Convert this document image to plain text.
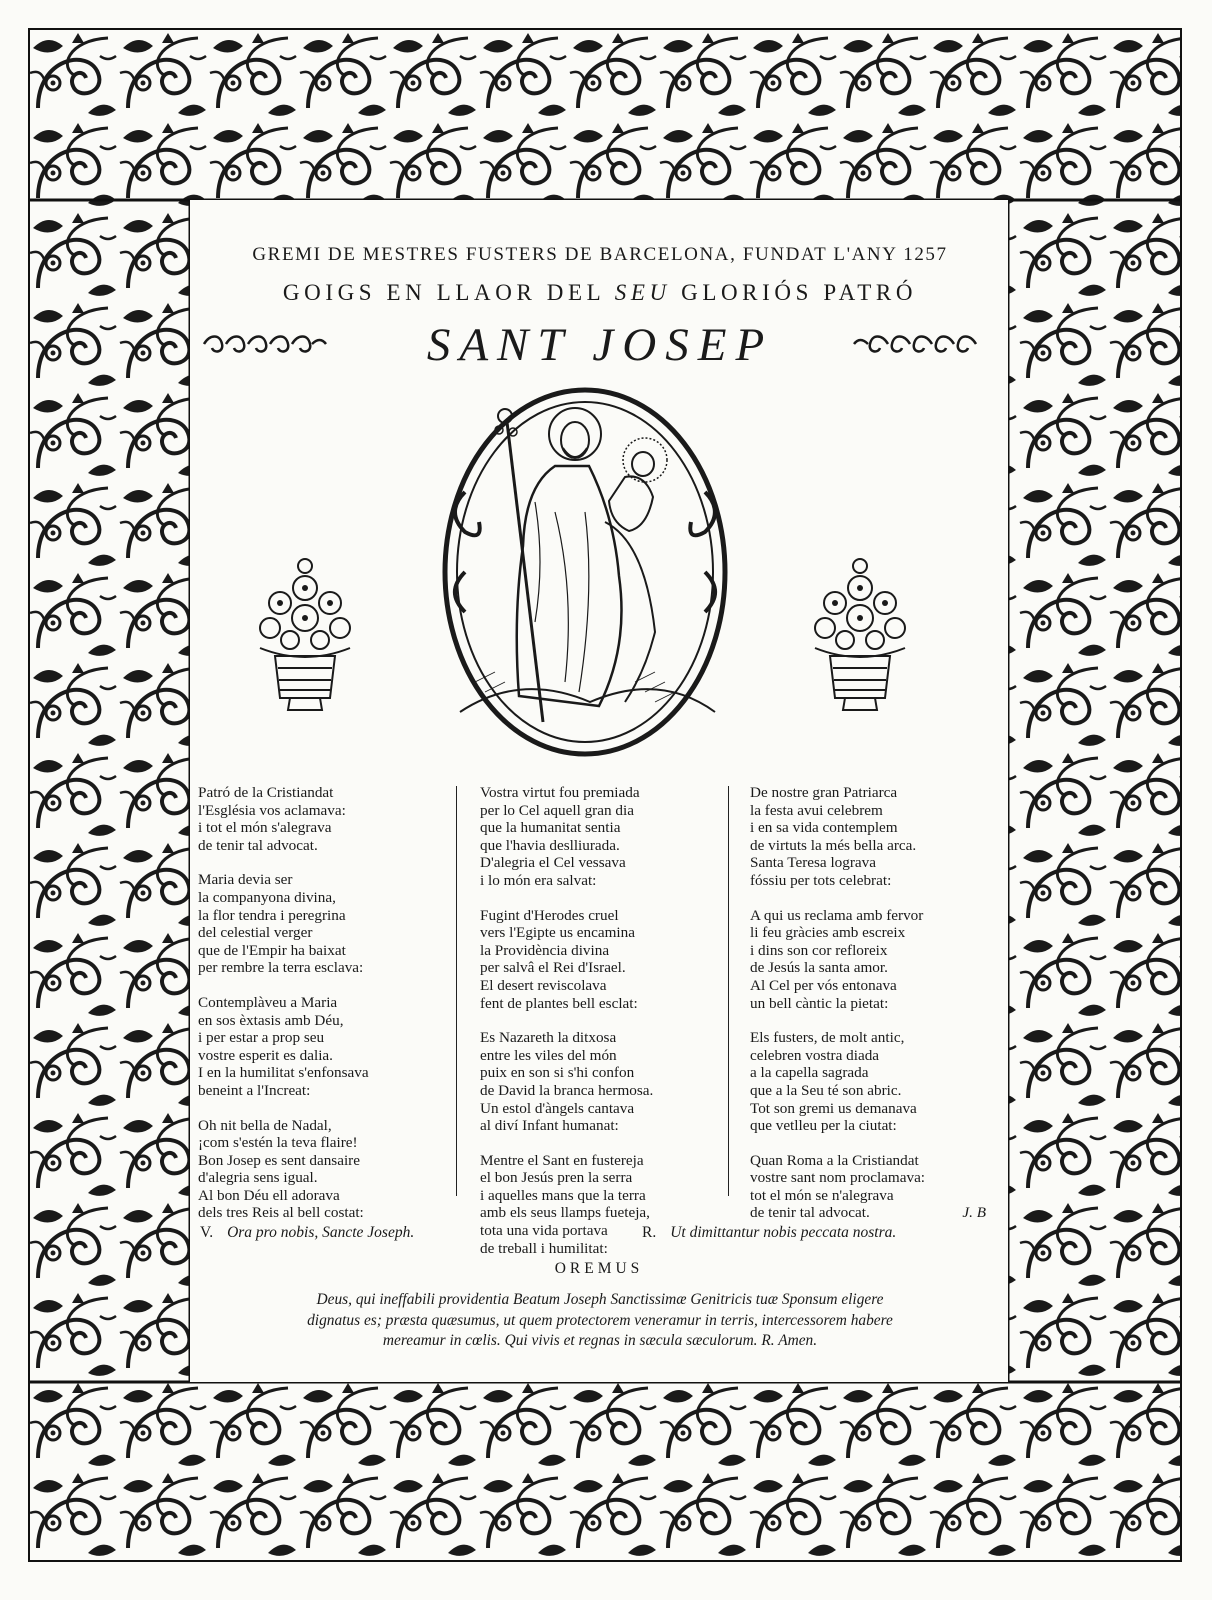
GREMI DE MESTRES FUSTERS DE BARCELONA, FUNDAT L'ANY 1257
GOIGS EN LLAOR DEL SEU GLORIÓS PATRÓ
SANT JOSEP
Patró de la Cristiandat
l'Església vos aclamava:
i tot el món s'alegrava
de tenir tal advocat.
Maria devia ser
la companyona divina,
la flor tendra i peregrina
del celestial verger
que de l'Empir ha baixat
per rembre la terra esclava:
Contemplàveu a Maria
en sos èxtasis amb Déu,
i per estar a prop seu
vostre esperit es dalia.
I en la humilitat s'enfonsava
beneint a l'Increat:
Oh nit bella de Nadal,
¡com s'estén la teva flaire!
Bon Josep es sent dansaire
d'alegria sens igual.
Al bon Déu ell adorava
dels tres Reis al bell costat:
Vostra virtut fou premiada
per lo Cel aquell gran dia
que la humanitat sentia
que l'havia deslliurada.
D'alegria el Cel vessava
i lo món era salvat:
Fugint d'Herodes cruel
vers l'Egipte us encamina
la Providència divina
per salvâ el Rei d'Israel.
El desert reviscolava
fent de plantes bell esclat:
Es Nazareth la ditxosa
entre les viles del món
puix en son si s'hi confon
de David la branca hermosa.
Un estol d'àngels cantava
al diví Infant humanat:
Mentre el Sant en fustereja
el bon Jesús pren la serra
i aquelles mans que la terra
amb els seus llamps fueteja,
tota una vida portava
de treball i humilitat:
De nostre gran Patriarca
la festa avui celebrem
i en sa vida contemplem
de virtuts la més bella arca.
Santa Teresa lograva
fóssiu per tots celebrat:
A qui us reclama amb fervor
li feu gràcies amb escreix
i dins son cor refloreix
de Jesús la santa amor.
Al Cel per vós entonava
un bell càntic la pietat:
Els fusters, de molt antic,
celebren vostra diada
a la capella sagrada
que a la Seu té son abric.
Tot son gremi us demanava
que vetlleu per la ciutat:
Quan Roma a la Cristiandat
vostre sant nom proclamava:
tot el món se n'alegrava
de tenir tal advocat.	J. B
V. Ora pro nobis, Sancte Joseph.	R. Ut dimittantur nobis peccata nostra.
OREMUS
Deus, qui ineffabili providentia Beatum Joseph Sanctissimæ Genitricis tuæ Sponsum eligere
dignatus es; præsta quæsumus, ut quem protectorem veneramur in terris, intercessorem habere
mereamur in cœlis. Qui vivis et regnas in sæcula sæculorum. R. Amen.
